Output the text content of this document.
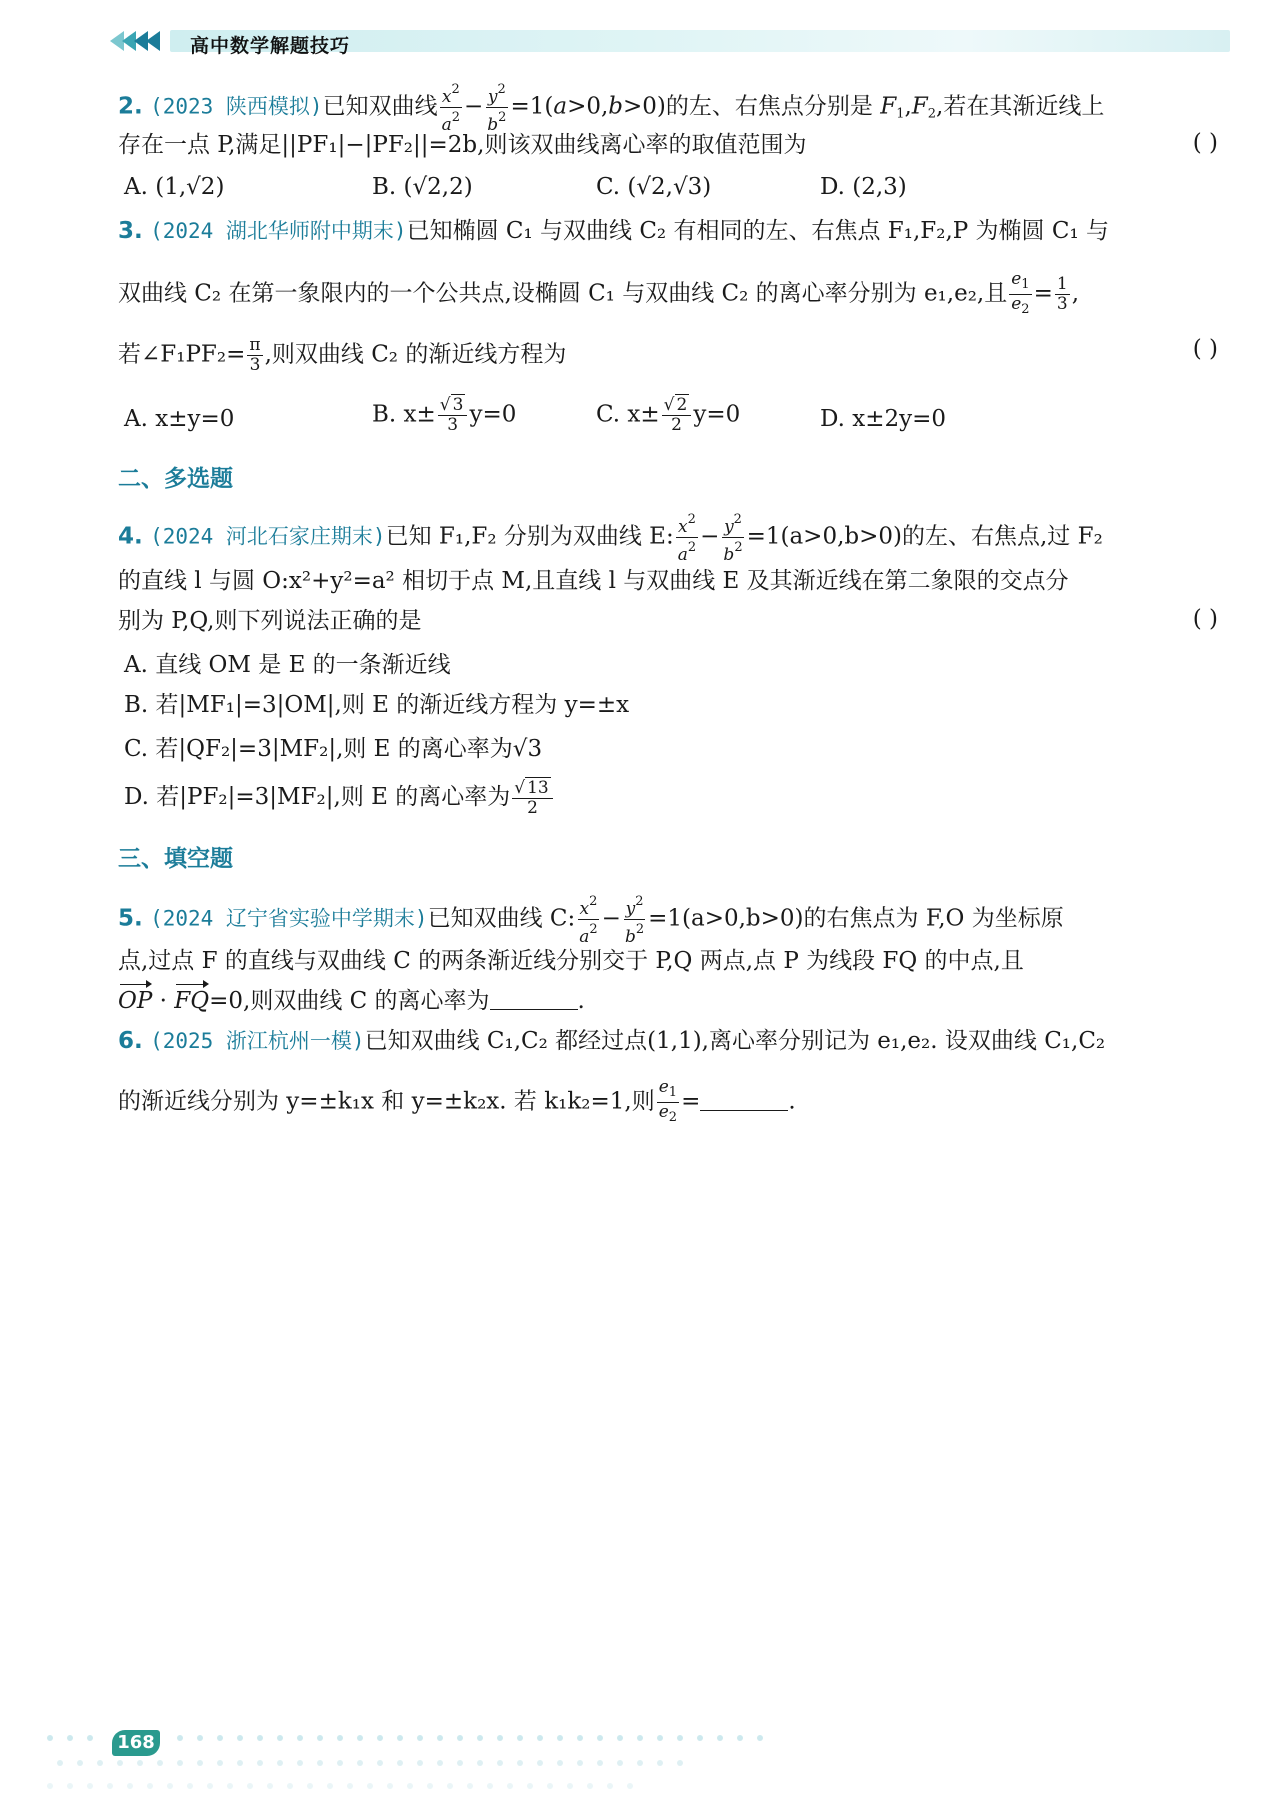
高中数学解题技巧
2. (2023 陕西模拟)已知双曲线 $\frac{x^2}{a^2} - \frac{y^2}{b^2} =1(a>0,b>0)$的左、右焦点分别是 $F_1,F_2$,若在其渐近线上
存在一点 P,满足||PF₁|−|PF₂||=2b,则该双曲线离心率的取值范围为	( )
A. (1,√2)	B. (√2,2)	C. (√2,√3)	D. (2,3)
3. (2024 湖北华师附中期末)已知椭圆 C₁ 与双曲线 C₂ 有相同的左、右焦点 F₁,F₂,P 为椭圆 C₁ 与
双曲线 C₂ 在第一象限内的一个公共点,设椭圆 C₁ 与双曲线 C₂ 的离心率分别为 e₁,e₂,且 $\frac{e_1}{e_2} = \frac{1}{3}$ ,
若∠F₁PF₂= $\frac{\pi}{3}$ ,则双曲线 C₂ 的渐近线方程为	( )
A. x±y=0	B. $x\pm \frac{√ 3}{3} y=0$	C. $x\pm \frac{√ 2}{2} y=0$	D. x±2y=0
二、多选题
4. (2024 河北石家庄期末)已知 F₁,F₂ 分别为双曲线 E: $\frac{x^2}{a^2} - \frac{y^2}{b^2} =1(a>0,b>0)$的左、右焦点,过 F₂
的直线 l 与圆 O:x²+y²=a² 相切于点 M,且直线 l 与双曲线 E 及其渐近线在第二象限的交点分
别为 P,Q,则下列说法正确的是	( )
A. 直线 OM 是 E 的一条渐近线
B. 若|MF₁|=3|OM|,则 E 的渐近线方程为 y=±x
C. 若|QF₂|=3|MF₂|,则 E 的离心率为√3
D. 若|PF₂|=3|MF₂|,则 E 的离心率为 $\frac{√ 13}{2}$
三、填空题
5. (2024 辽宁省实验中学期末)已知双曲线 C: $\frac{x^2}{a^2} - \frac{y^2}{b^2} =1(a>0,b>0)$的右焦点为 F,O 为坐标原
点,过点 F 的直线与双曲线 C 的两条渐近线分别交于 P,Q 两点,点 P 为线段 FQ 的中点,且
OP · FQ=0,则双曲线 C 的离心率为	.
6. (2025 浙江杭州一模)已知双曲线 C₁,C₂ 都经过点(1,1),离心率分别记为 e₁,e₂. 设双曲线 C₁,C₂
的渐近线分别为 y=±k₁x 和 y=±k₂x. 若 k₁k₂=1,则 $\frac{e_1}{e_2}$ =	.
168
